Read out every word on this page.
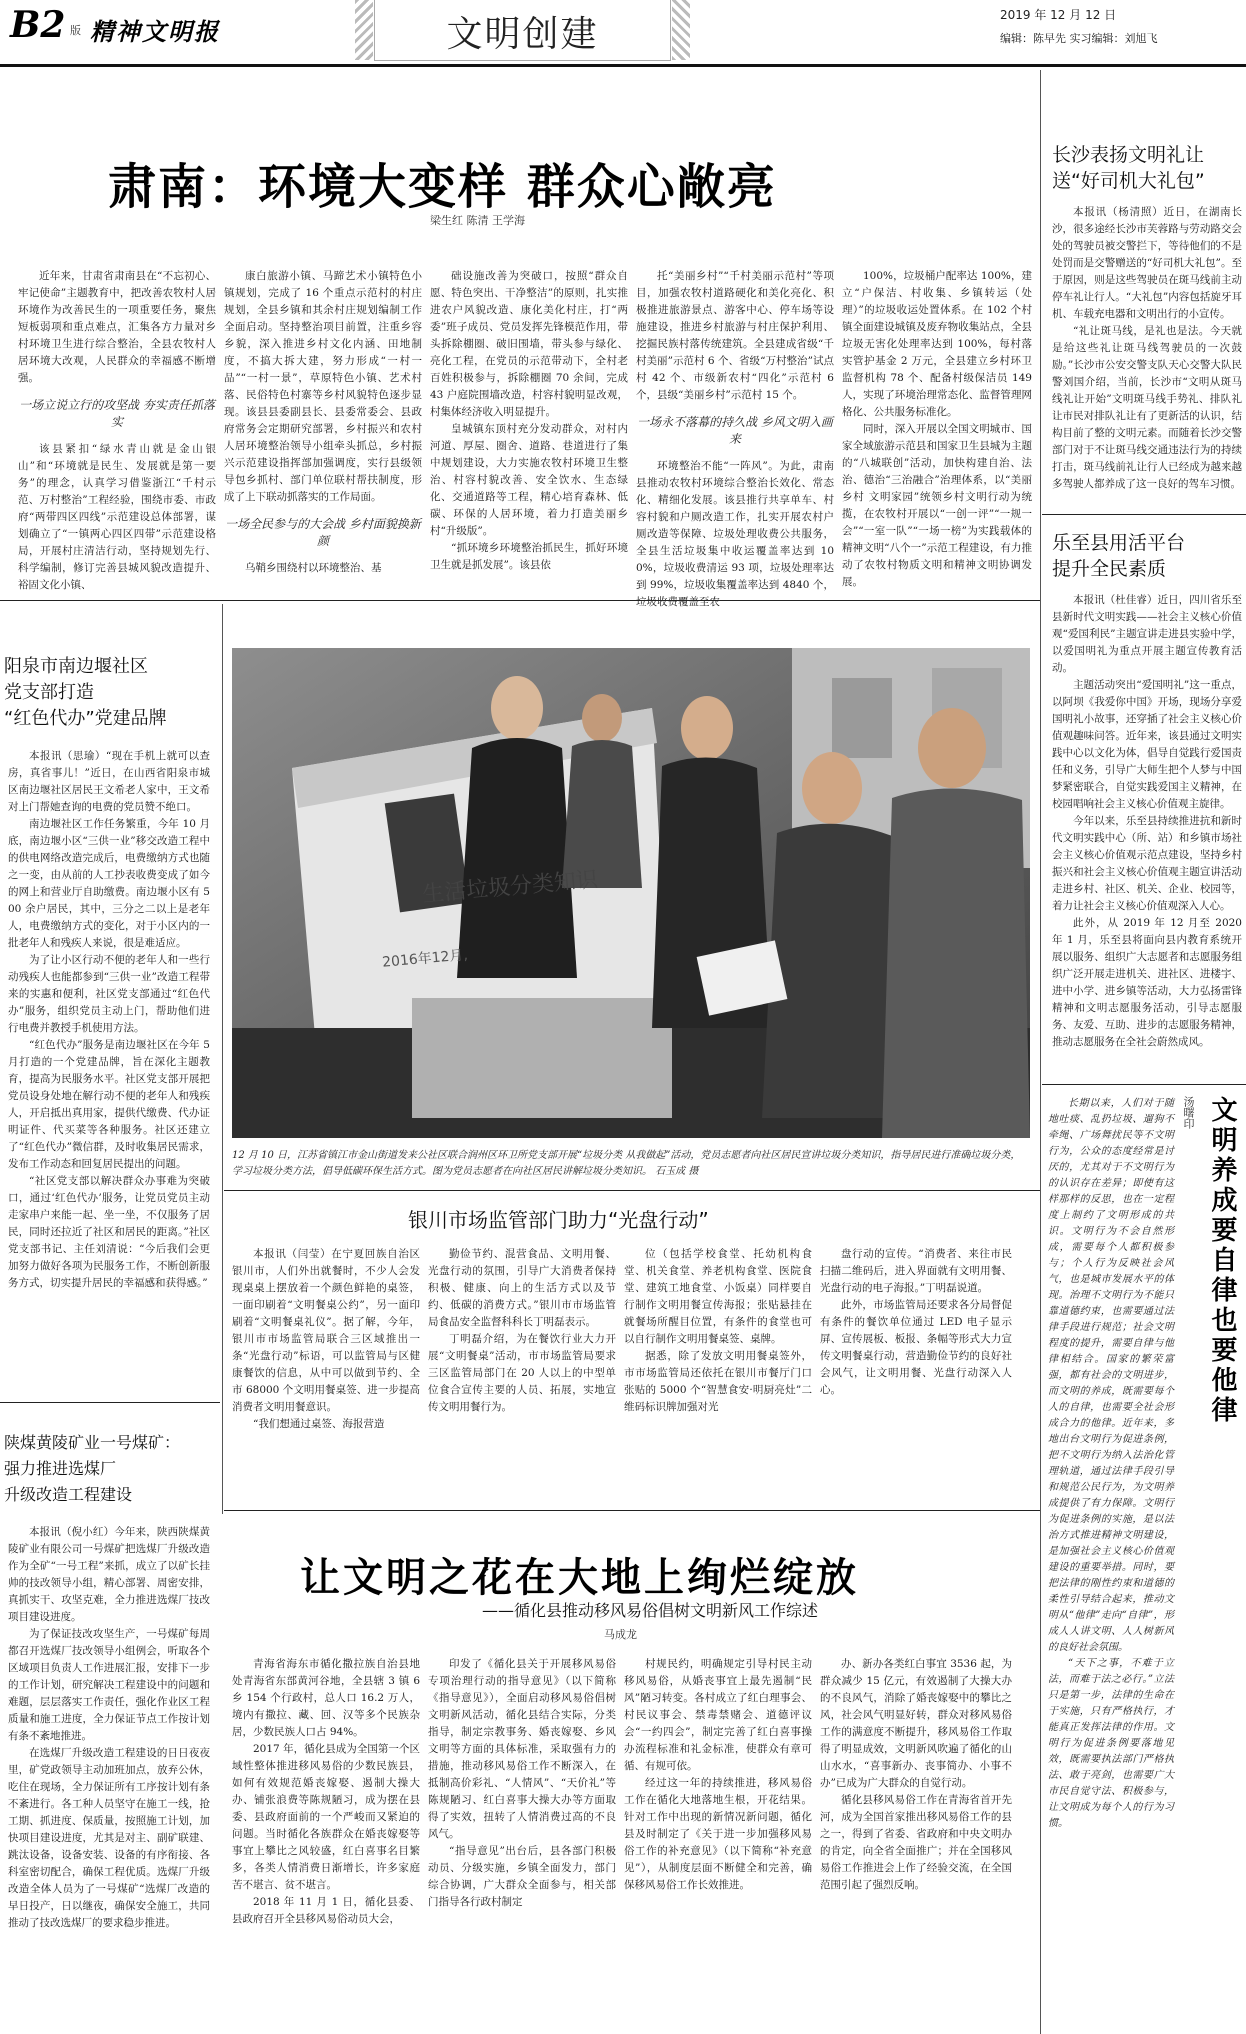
B2 版 精神文明报	文明创建	2019 年 12 月 12 日
编辑：陈早先 实习编辑：刘旭飞
肃南：环境大变样 群众心敞亮
梁生红 陈清 王学海
近年来，甘肃省肃南县在“不忘初心、牢记使命”主题教育中，把改善农牧村人居环境作为改善民生的一项重要任务，聚焦短板弱项和重点难点，汇集各方力量对乡村环境卫生进行综合整治，全县农牧村人居环境大改观，人民群众的幸福感不断增强。
一场立说立行的攻坚战 夯实责任抓落实
该县紧扣“绿水青山就是金山银山”和“环境就是民生、发展就是第一要务”的理念，认真学习借鉴浙江“千村示范、万村整治”工程经验，围绕市委、市政府“两带四区四线”示范建设总体部署，谋划确立了“一镇两心四区四带”示范建设格局，开展村庄清洁行动，坚持规划先行、科学编制，修订完善县城风貌改造提升、裕固文化小镇、
康白旅游小镇、马蹄艺术小镇特色小镇规划，完成了 16 个重点示范村的村庄规划，全县乡镇和其余村庄规划编制工作全面启动。坚持整治项目前置，注重乡容乡貌，深入推进乡村文化内涵、田地制度，不搞大拆大建，努力形成“一村一品”“一村一景”，草原特色小镇、艺术村落、民俗特色村寨等乡村风貌特色逐步显现。该县县委副县长、县委常委会、县政府常务会定期研究部署，乡村振兴和农村人居环境整治领导小组牵头抓总，乡村振兴示范建设指挥部加强调度，实行县级领导包乡抓村、部门单位联村帮扶制度，形成了上下联动抓落实的工作局面。
一场全民参与的大会战 乡村面貌换新颜
乌鞘乡围绕村以环境整治、基
础设施改善为突破口，按照“群众自愿、特色突出、干净整洁”的原则，扎实推进农户风貌改造、康化美化村庄，打“两委”班子成员、党员发挥先锋模范作用，带头拆除棚圈、破旧围墙，带头参与绿化、亮化工程，在党员的示范带动下，全村老百姓积极参与，拆除棚圈 70 余间，完成 43 户庭院围墙改造，村容村貌明显改观，村集体经济收入明显提升。
皇城镇东顶村充分发动群众，对村内河道、厚屋、圈舍、道路、巷道进行了集中规划建设，大力实施农牧村环境卫生整治、村容村貌改善、安全饮水、生态绿化、交通道路等工程，精心培育森林、低碳、环保的人居环境，着力打造美丽乡村“升级版”。
“抓环境乡环境整治抓民生，抓好环境卫生就是抓发展”。该县依
托“美丽乡村”“千村美丽示范村”等项目，加强农牧村道路硬化和美化亮化、积极推进旅游景点、游客中心、停车场等设施建设，推进乡村旅游与村庄保护利用、挖掘民族村落传统建筑。全县建成省级“千村美丽”示范村 6 个、省级“万村整治”试点村 42 个、市级新农村“四化”示范村 6 个，县级“美丽乡村”示范村 15 个。
一场永不落幕的持久战 乡风文明入画来
环境整治不能“一阵风”。为此，肃南县推动农牧村环境综合整治长效化、常态化、精细化发展。该县推行共享单车、村容村貌和户厕改造工作，扎实开展农村户厕改造等保障、垃圾处理收费公共服务，全县生活垃圾集中收运覆盖率达到 100%，垃圾收费清运 93 项，垃圾处理率达到 99%，垃圾收集覆盖率达到 4840 个，垃圾收费覆盖至农
100%，垃圾桶户配率达 100%，建立“户保洁、村收集、乡镇转运（处理）”的垃圾收运处置体系。在 102 个村镇全面建设城镇及废弃物收集站点，全县垃圾无害化处理率达到 100%，每村落实管护基金 2 万元，全县建立乡村环卫监督机构 78 个、配备村级保洁员 149 人，实现了环境治理常态化、监督管理网格化、公共服务标准化。
同时，深入开展以全国文明城市、国家全域旅游示范县和国家卫生县城为主题的“八城联创”活动，加快构建自治、法治、德治“三治融合”治理体系，以“美丽乡村 文明家园”统领乡村文明行动为统揽，在农牧村开展以“一创一评”“一规一会”“一室一队”“一场一榜”为实践载体的精神文明“八个一”示范工程建设，有力推动了农牧村物质文明和精神文明协调发展。
长沙表扬文明礼让
送“好司机大礼包”
本报讯（杨清照）近日，在湖南长沙，很多途经长沙市芙蓉路与劳动路交会处的驾驶员被交警拦下，等待他们的不是处罚而是交警赠送的“好司机大礼包”。至于原因，则是这些驾驶员在斑马线前主动停车礼让行人。“大礼包”内容包括旋牙耳机、车载充电器和文明出行的小宣传。
“礼让斑马线，是礼也是法。今天就是给这些礼让斑马线驾驶员的一次鼓励。”长沙市公安交警支队天心交警大队民警刘国介绍，当前，长沙市“文明从斑马线礼让开始”文明斑马线手势礼、排队礼让市民对排队礼让有了更新活的认识，结构目前了整的文明元素。而随着长沙交警部门对于不让斑马线交通违法行为的持续打击，斑马线前礼让行人已经成为越来越多驾驶人都养成了这一良好的驾车习惯。
乐至县用活平台
提升全民素质
本报讯（杜佳睿）近日，四川省乐至县新时代文明实践——社会主义核心价值观“爱国利民”主题宣讲走进县实验中学，以爱国明礼为重点开展主题宣传教育活动。
主题活动突出“爱国明礼”这一重点，以阿坝《我爱你中国》开场，现场分享爱国明礼小故事，还穿插了社会主义核心价值观趣味问答。近年来，该县通过文明实践中心以文化为体，倡导自觉践行爱国责任和义务，引导广大师生把个人梦与中国梦紧密联合，自觉实践爱国主义精神，在校园唱响社会主义核心价值观主旋律。
今年以来，乐至县持续推进抗和新时代文明实践中心（所、站）和乡镇市场社会主义核心价值观示范点建设，坚持乡村振兴和社会主义核心价值观主题宣讲活动走进乡村、社区、机关、企业、校园等，着力让社会主义核心价值观深入人心。
此外，从 2019 年 12 月至 2020 年 1 月，乐至县将面向县内教育系统开展以服务、组织广大志愿者和志愿服务组织广泛开展走进机关、进社区、进楼宇、进中小学、进乡镇等活动，大力弘扬雷锋精神和文明志愿服务活动，引导志愿服务、友爱、互助、进步的志愿服务精神，推动志愿服务在全社会蔚然成风。
阳泉市南边堰社区
党支部打造
“红色代办”党建品牌
本报讯（思瑜）“现在手机上就可以查房，真省事儿！”近日，在山西省阳泉市城区南边堰社区居民王文希老人家中，王文希对上门帮她查询的电费的党员赞不绝口。
南边堰社区工作任务繁重，今年 10 月底，南边堰小区“三供一业”移交改造工程中的供电网络改造完成后，电费缴纳方式也随之一变，由从前的人工抄表收费变成了如今的网上和营业厅自助缴费。南边堰小区有 500 余户居民，其中，三分之二以上是老年人，电费缴纳方式的变化，对于小区内的一批老年人和残疾人来说，很是难适应。
为了让小区行动不便的老年人和一些行动残疾人也能都参到“三供一业”改造工程带来的实惠和便利，社区党支部通过“红色代办”服务，组织党员主动上门，帮助他们进行电费并教授手机使用方法。
“红色代办”服务是南边堰社区在今年 5 月打造的一个党建品牌，旨在深化主题教育，提高为民服务水平。社区党支部开展把党员设身处地在解行动不便的老年人和残疾人，开启抵出真用家，提供代缴费、代办证明证件、代买菜等各种服务。社区还建立了“红色代办”微信群，及时收集居民需求，发布工作动态和回复居民提出的问题。
“社区党支部以解决群众办事难为突破口，通过‘红色代办’服务，让党员党员主动走家串户来能一起、坐一坐，不仅服务了居民，同时还拉近了社区和居民的距离。”社区党支部书记、主任刘清说：“今后我们会更加努力做好各项为民服务工作，不断创新服务方式，切实提升居民的幸福感和获得感。”
陕煤黄陵矿业一号煤矿：
强力推进选煤厂
升级改造工程建设
本报讯（倪小红）今年来，陕西陕煤黄陵矿业有限公司一号煤矿把选煤厂升级改造作为全矿“一号工程”来抓，成立了以矿长挂帅的技改领导小组，精心部署、周密安排，真抓实干、攻坚克难，全力推进选煤厂技改项目建设进度。
为了保证技改攻坚生产，一号煤矿每周都召开选煤厂技改领导小组例会，听取各个区域项目负责人工作进展汇报，安排下一步的工作计划，研究解决工程建设中的问题和难题，层层落实工作责任，强化作业区工程质量和施工进度，全力保证节点工作按计划有条不紊地推进。
在选煤厂升级改造工程建设的日日夜夜里，矿党政领导主动加班加点，放弃公休，吃住在现场，全力保证所有工序按计划有条不紊进行。各工种人员坚守在施工一线，抢工期、抓进度、保质量，按照施工计划，加快项目建设进度，尤其是对主、副矿联建、跳汰设备，设备安装、设备的有序衔接、各科室密切配合，确保工程优质。选煤厂升级改造全体人员为了一号煤矿“选煤厂改造的早日投产，日以继夜，确保安全施工，共同推动了技改选煤厂的要求稳步推进。
生活垃圾分类知识
2016年12月,
12 月 10 日，江苏省镇江市金山街道发来公社区联合润州区环卫所党支部开展“垃圾分类 从我做起”活动，党员志愿者向社区居民宣讲垃圾分类知识，指导居民进行准确垃圾分类，学习垃圾分类方法，倡导低碳环保生活方式。图为党员志愿者在向社区居民讲解垃圾分类知识。 石玉成 摄
银川市场监管部门助力“光盘行动”
本报讯（闫莹）在宁夏回族自治区银川市，人们外出就餐时，不少人会发现桌桌上摆放着一个颜色鲜艳的桌签，一面印刷着“文明餐桌公约”，另一面印刷着“文明餐桌礼仪”。据了解，今年，银川市市场监管局联合三区域推出一条“光盘行动”标语，可以监管局与区健康餐饮的信息，从中可以做到节约、全市 68000 个文明用餐桌签、进一步提高消费者文明用餐意识。
“我们想通过桌签、海报营造
勤俭节约、混营食品、文明用餐、光盘行动的氛围，引导广大消费者保持积极、健康、向上的生活方式以及节约、低碳的消费方式。”银川市市场监管局食品安全监督科科长丁明磊表示。
丁明磊介绍，为在餐饮行业大力开展“文明餐桌”活动，市市场监管局要求三区监管局部门在 20 人以上的中型单位食合宣传主要的人员、拓展，实地宣传文明用餐行为。
位（包括学校食堂、托幼机构食堂、机关食堂、养老机构食堂、医院食堂、建筑工地食堂、小饭桌）同样要自行制作文明用餐宣传海报；张贴悬挂在就餐场所醒目位置，有条件的食堂也可以自行制作文明用餐桌签、桌牌。
据悉，除了发放文明用餐桌签外，市市场监管局还依托在银川市餐厅门口张贴的 5000 个“智慧食安·明厨亮灶”二维码标识牌加强对光
盘行动的宣传。“消费者、来往市民扫描二维码后，进入界面就有文明用餐、光盘行动的电子海报。”丁明磊说道。
此外，市场监管局还要求各分局督促有条件的餐饮单位通过 LED 电子显示屏、宣传展板、板报、条幅等形式大力宣传文明餐桌行动，营造勤俭节约的良好社会风气，让文明用餐、光盘行动深入人心。	文明养成要自律也要他律
汤曙印
长期以来，人们对于随地吐痰、乱扔垃圾、遛狗不牵绳、广场舞扰民等不文明行为，公众的态度经常是讨厌的，尤其对于不文明行为的认识存在差异；即使有这样那样的反思，也在一定程度上制约了文明形成的共识。文明行为不会自然形成，需要每个人都积极参与；个人行为反映社会风气，也是城市发展水平的体现。治理不文明行为不能只靠道德约束，也需要通过法律手段进行规范；社会文明程度的提升，需要自律与他律相结合。国家的繁荣富强，都有社会的文明进步，而文明的养成，既需要每个人的自律，也需要全社会形成合力的他律。近年来，多地出台文明行为促进条例，把不文明行为纳入法治化管理轨道，通过法律手段引导和规范公民行为，为文明养成提供了有力保障。文明行为促进条例的实施，是以法治方式推进精神文明建设，是加强社会主义核心价值观建设的重要举措。同时，要把法律的刚性约束和道德的柔性引导结合起来，推动文明从“他律”走向“自律”，形成人人讲文明、人人树新风的良好社会氛围。
“天下之事，不难于立法，而难于法之必行。”立法只是第一步，法律的生命在于实施，只有严格执行，才能真正发挥法律的作用。文明行为促进条例要落地见效，既需要执法部门严格执法、敢于亮剑，也需要广大市民自觉守法、积极参与，让文明成为每个人的行为习惯。
让文明之花在大地上绚烂绽放
——循化县推动移风易俗倡树文明新风工作综述
马成龙
青海省海东市循化撒拉族自治县地处青海省东部黄河谷地，全县辖 3 镇 6 乡 154 个行政村，总人口 16.2 万人，境内有撒拉、藏、回、汉等多个民族杂居，少数民族人口占 94%。
2017 年，循化县成为全国第一个区域性整体推进移风易俗的少数民族县，如何有效规范婚丧嫁娶、遏制大操大办、铺张浪费等陈规陋习，成为摆在县委、县政府面前的一个严峻而又紧迫的问题。当时循化各族群众在婚丧嫁娶等事宜上攀比之风较盛，红白喜事名目繁多，各类人情消费日渐增长，许多家庭苦不堪言、贫不堪言。
2018 年 11 月 1 日，循化县委、县政府召开全县移风易俗动员大会，
印发了《循化县关于开展移风易俗专项治理行动的指导意见》（以下简称《指导意见》），全面启动移风易俗倡树文明新风活动，循化县结合实际，分类指导，制定宗教事务、婚丧嫁娶、乡风文明等方面的具体标准，采取强有力的措施，推动移风易俗工作不断深入，在抵制高价彩礼、“人情风”、“天价礼”等陈规陋习、红白喜事大操大办等方面取得了实效，扭转了人情消费过高的不良风气。
“指导意见”出台后，县各部门积极动员、分级实施，乡镇全面发力，部门综合协调，广大群众全面参与，相关部门指导各行政村制定
村规民约，明确规定引导村民主动移风易俗，从婚丧事宜上最先遏制“民风”陋习转变。各村成立了红白理事会、村民议事会、禁毒禁赌会、道德评议会“一约四会”，制定完善了红白喜事操办流程标准和礼金标准，使群众有章可循、有规可依。
经过这一年的持续推进，移风易俗工作在循化大地落地生根，开花结果。针对工作中出现的新情况新问题，循化县及时制定了《关于进一步加强移风易俗工作的补充意见》（以下简称“补充意见”），从制度层面不断健全和完善，确保移风易俗工作长效推进。
办、新办各类红白事宜 3536 起，为群众减少 15 亿元，有效遏制了大操大办的不良风气，消除了婚丧嫁娶中的攀比之风，社会风气明显好转，群众对移风易俗工作的满意度不断提升，移风易俗工作取得了明显成效，文明新风吹遍了循化的山山水水，“喜事新办、丧事简办、小事不办”已成为广大群众的自觉行动。
循化县移风易俗工作在青海省首开先河，成为全国首家推出移风易俗工作的县之一，得到了省委、省政府和中央文明办的肯定，向全省全面推广；并在全国移风易俗工作推进会上作了经验交流，在全国范围引起了强烈反响。
